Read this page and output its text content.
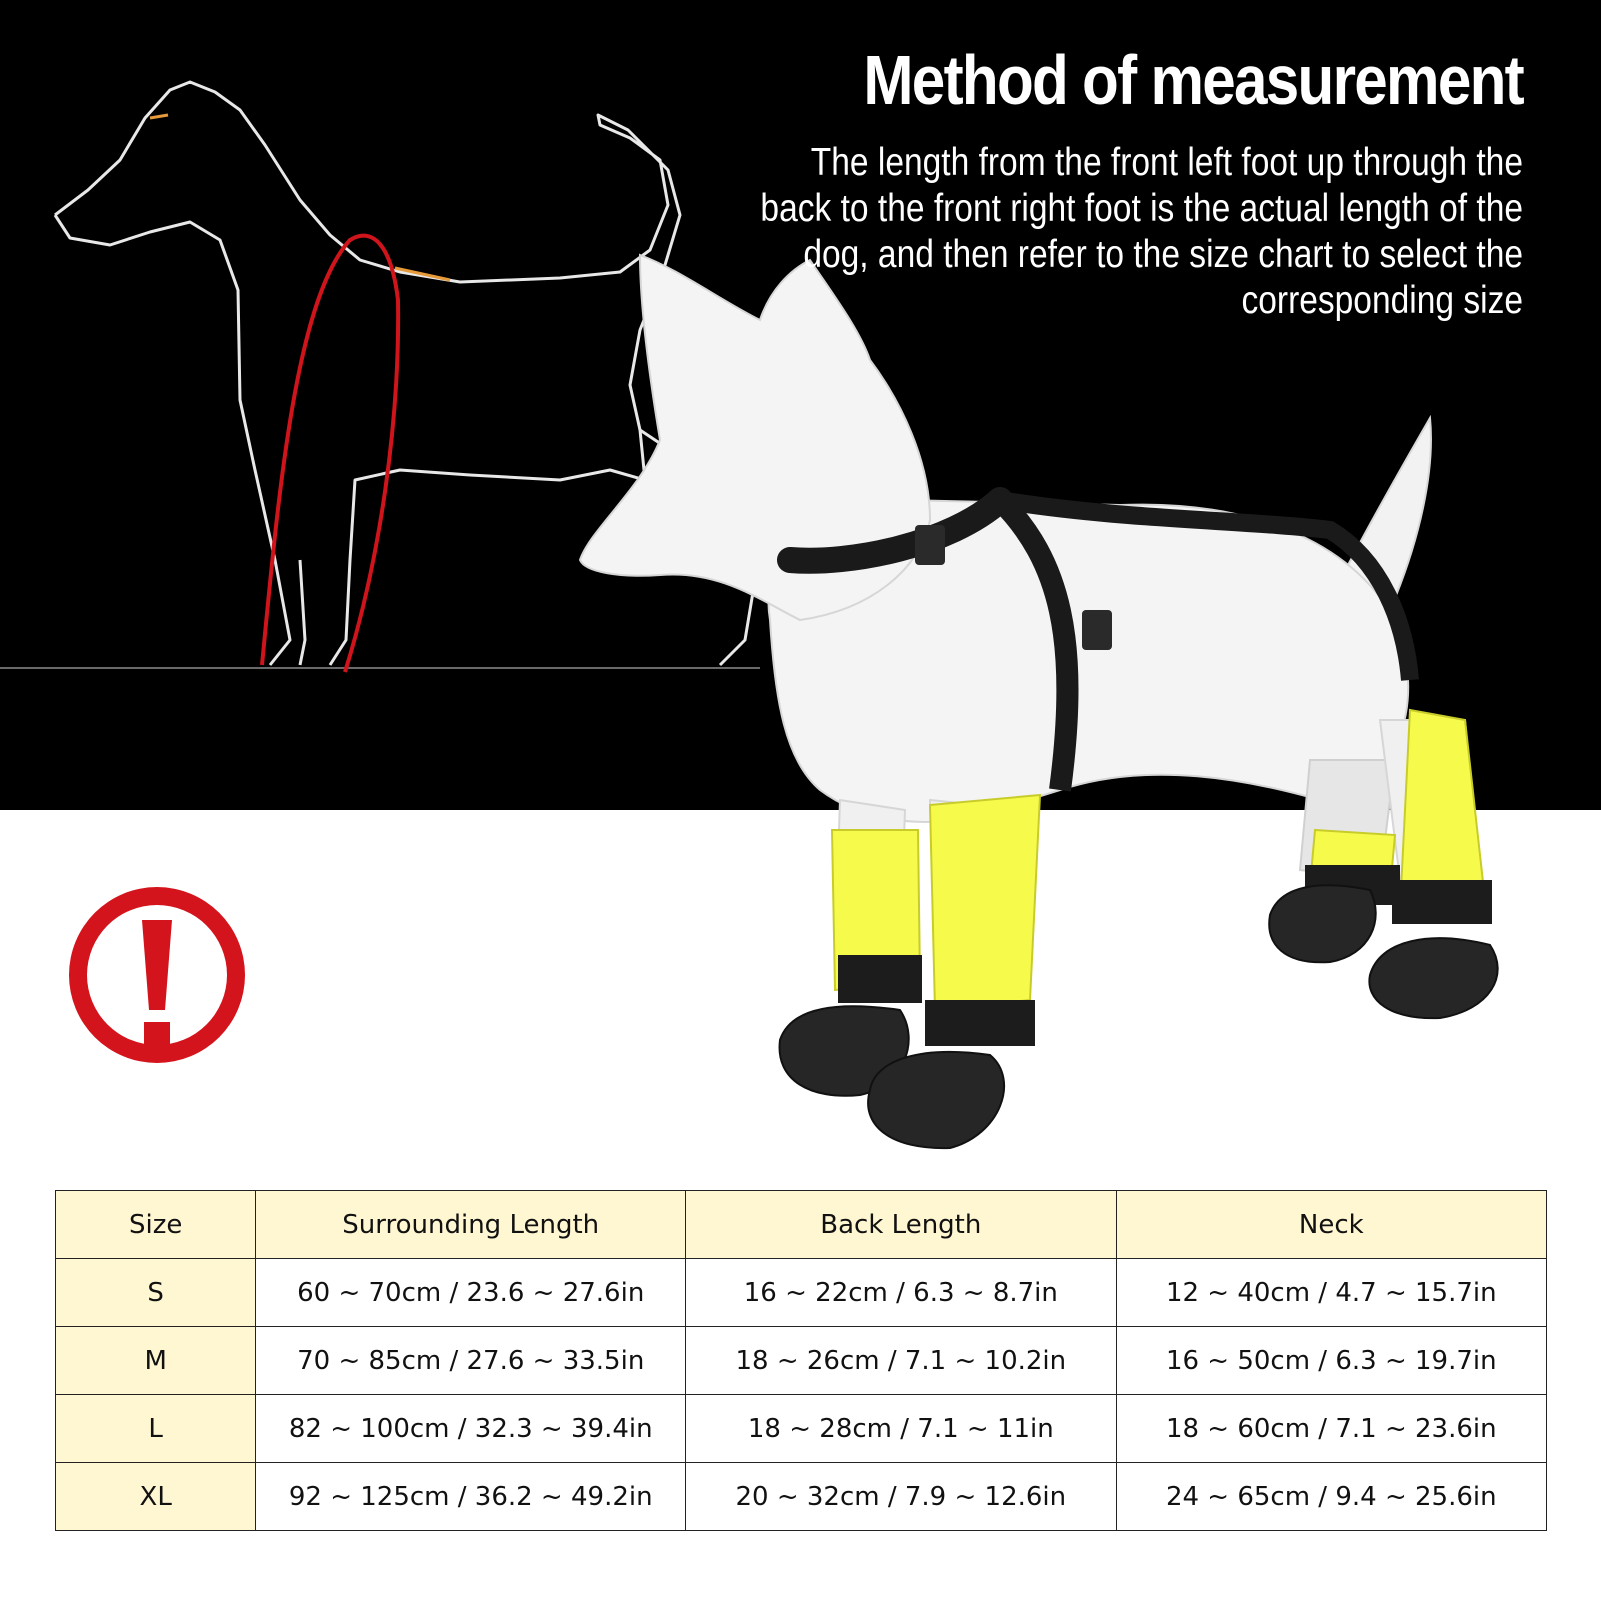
Method of measurement

The length from the front left foot up through the back to the front right foot is the actual length of the dog, and then refer to the size chart to select the corresponding size

Size	Surrounding Length	Back Length	Neck
S	60 ~ 70cm / 23.6 ~ 27.6in	16 ~ 22cm / 6.3 ~ 8.7in	12 ~ 40cm / 4.7 ~ 15.7in
M	70 ~ 85cm / 27.6 ~ 33.5in	18 ~ 26cm / 7.1 ~ 10.2in	16 ~ 50cm / 6.3 ~ 19.7in
L	82 ~ 100cm / 32.3 ~ 39.4in	18 ~ 28cm / 7.1 ~ 11in	18 ~ 60cm / 7.1 ~ 23.6in
XL	92 ~ 125cm / 36.2 ~ 49.2in	20 ~ 32cm / 7.9 ~ 12.6in	24 ~ 65cm / 9.4 ~ 25.6in
